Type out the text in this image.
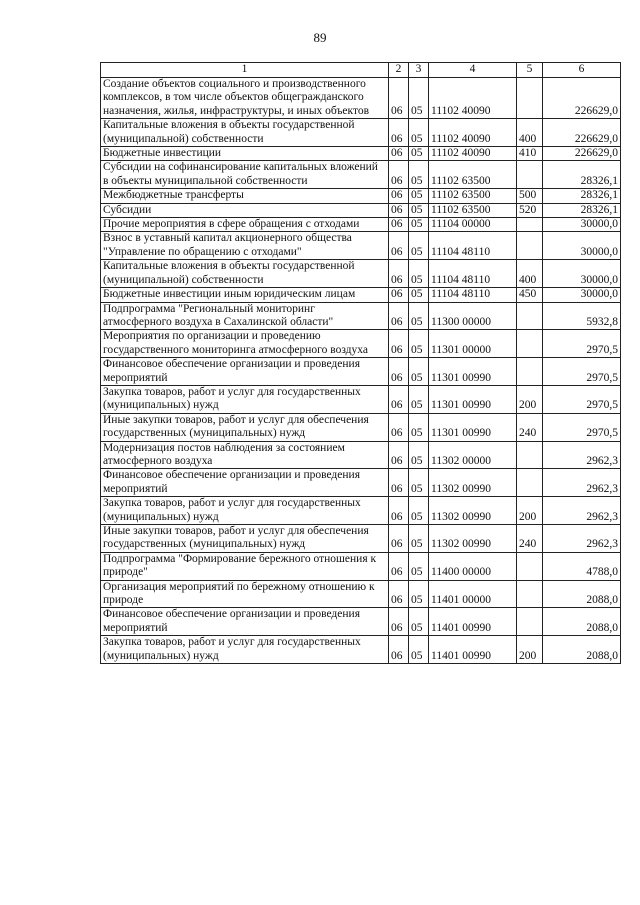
89
1	2	3	4	5	6
Создание объектов социального и производственного комплексов, в том числе объектов общегражданского назначения, жилья, инфраструктуры, и иных объектов	06	05	11102 40090		226629,0
Капитальные вложения в объекты государственной (муниципальной) собственности	06	05	11102 40090	400	226629,0
Бюджетные инвестиции	06	05	11102 40090	410	226629,0
Субсидии на софинансирование капитальных вложений в объекты муниципальной собственности	06	05	11102 63500		28326,1
Межбюджетные трансферты	06	05	11102 63500	500	28326,1
Субсидии	06	05	11102 63500	520	28326,1
Прочие мероприятия в сфере обращения с отходами	06	05	11104 00000		30000,0
Взнос в уставный капитал акционерного общества "Управление по обращению с отходами"	06	05	11104 48110		30000,0
Капитальные вложения в объекты государственной (муниципальной) собственности	06	05	11104 48110	400	30000,0
Бюджетные инвестиции иным юридическим лицам	06	05	11104 48110	450	30000,0
Подпрограмма "Региональный мониторинг атмосферного воздуха в Сахалинской области"	06	05	11300 00000		5932,8
Мероприятия по организации и проведению государственного мониторинга атмосферного воздуха	06	05	11301 00000		2970,5
Финансовое обеспечение организации и проведения мероприятий	06	05	11301 00990		2970,5
Закупка товаров, работ и услуг для государственных (муниципальных) нужд	06	05	11301 00990	200	2970,5
Иные закупки товаров, работ и услуг для обеспечения государственных (муниципальных) нужд	06	05	11301 00990	240	2970,5
Модернизация постов наблюдения за состоянием атмосферного воздуха	06	05	11302 00000		2962,3
Финансовое обеспечение организации и проведения мероприятий	06	05	11302 00990		2962,3
Закупка товаров, работ и услуг для государственных (муниципальных) нужд	06	05	11302 00990	200	2962,3
Иные закупки товаров, работ и услуг для обеспечения государственных (муниципальных) нужд	06	05	11302 00990	240	2962,3
Подпрограмма "Формирование бережного отношения к природе"	06	05	11400 00000		4788,0
Организация мероприятий по бережному отношению к природе	06	05	11401 00000		2088,0
Финансовое обеспечение организации и проведения мероприятий	06	05	11401 00990		2088,0
Закупка товаров, работ и услуг для государственных (муниципальных) нужд	06	05	11401 00990	200	2088,0
